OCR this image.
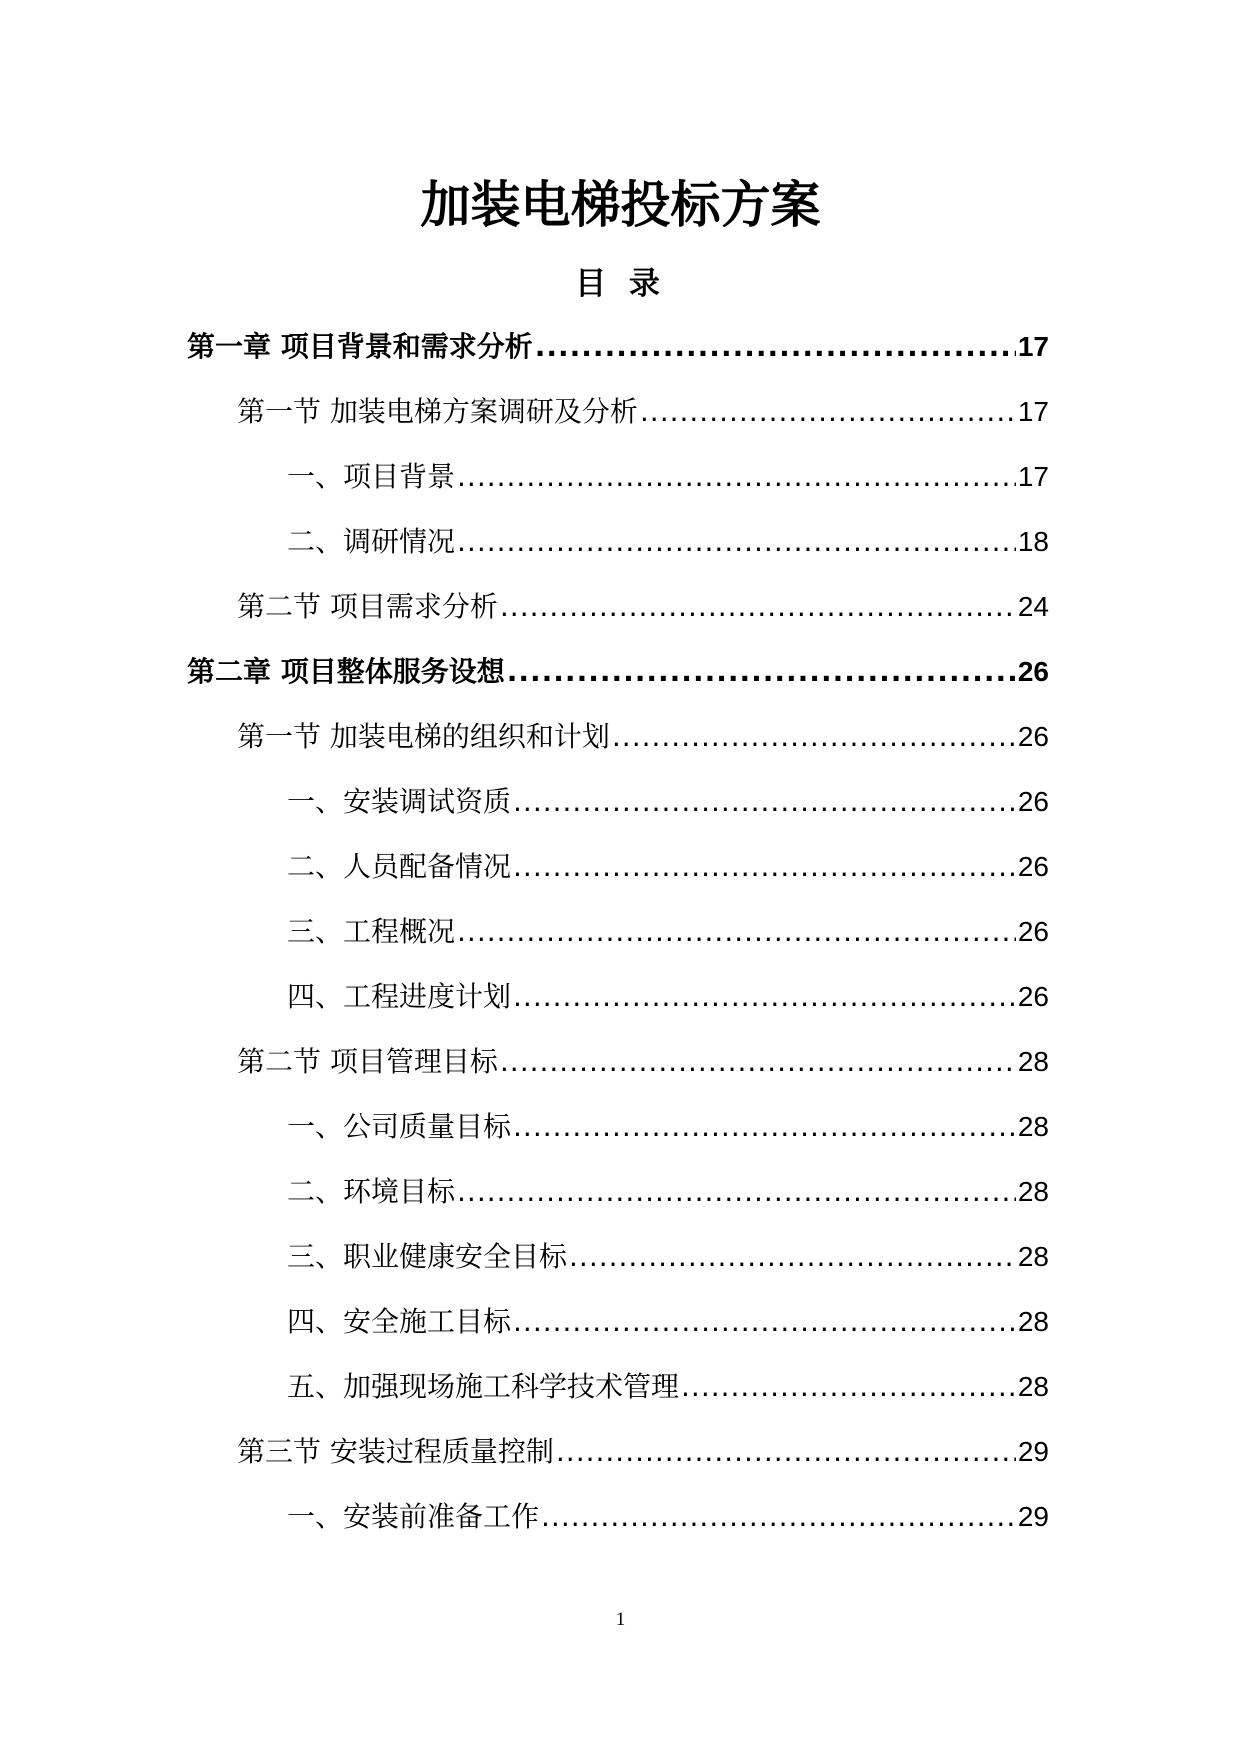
加装电梯投标方案
目 录
第一章 项目背景和需求分析 .....	17
第一节 加装电梯方案调研及分析 .....	17
一、项目背景 .....	17
二、调研情况 .....	18
第二节 项目需求分析 .....	24
第二章 项目整体服务设想 .....	26
第一节 加装电梯的组织和计划 .....	26
一、安装调试资质 .....	26
二、人员配备情况 .....	26
三、工程概况 .....	26
四、工程进度计划 .....	26
第二节 项目管理目标 .....	28
一、公司质量目标 .....	28
二、环境目标 .....	28
三、职业健康安全目标 .....	28
四、安全施工目标 .....	28
五、加强现场施工科学技术管理 .....	28
第三节 安装过程质量控制 .....	29
一、安装前准备工作 .....	29
1
